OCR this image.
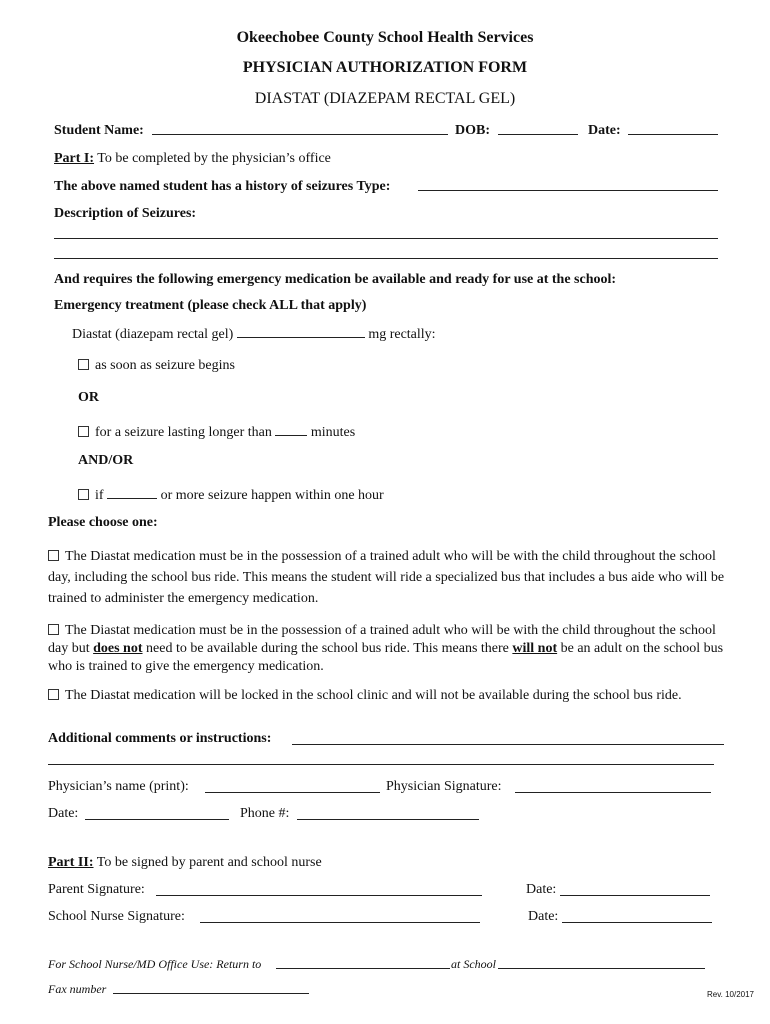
Okeechobee County School Health Services
PHYSICIAN AUTHORIZATION FORM
DIASTAT (DIAZEPAM RECTAL GEL)
Student Name:	DOB:	Date:
Part I: To be completed by the physician’s office
The above named student has a history of seizures Type:
Description of Seizures:
And requires the following emergency medication be available and ready for use at the school:
Emergency treatment (please check ALL that apply)
Diastat (diazepam rectal gel)	mg rectally:
as soon as seizure begins
OR
for a seizure lasting longer than	minutes
AND/OR
if	or more seizure happen within one hour
Please choose one:
The Diastat medication must be in the possession of a trained adult who will be with the child throughout the school day, including the school bus ride. This means the student will ride a specialized bus that includes a bus aide who will be trained to administer the emergency medication.
The Diastat medication must be in the possession of a trained adult who will be with the child throughout the school day but does not need to be available during the school bus ride. This means there will not be an adult on the school bus who is trained to give the emergency medication.
The Diastat medication will be locked in the school clinic and will not be available during the school bus ride.
Additional comments or instructions:
Physician’s name (print):	Physician Signature:
Date:	Phone #:
Part II: To be signed by parent and school nurse
Parent Signature:	Date:
School Nurse Signature:	Date:
For School Nurse/MD Office Use: Return to	at School
Fax number	Rev. 10/2017
